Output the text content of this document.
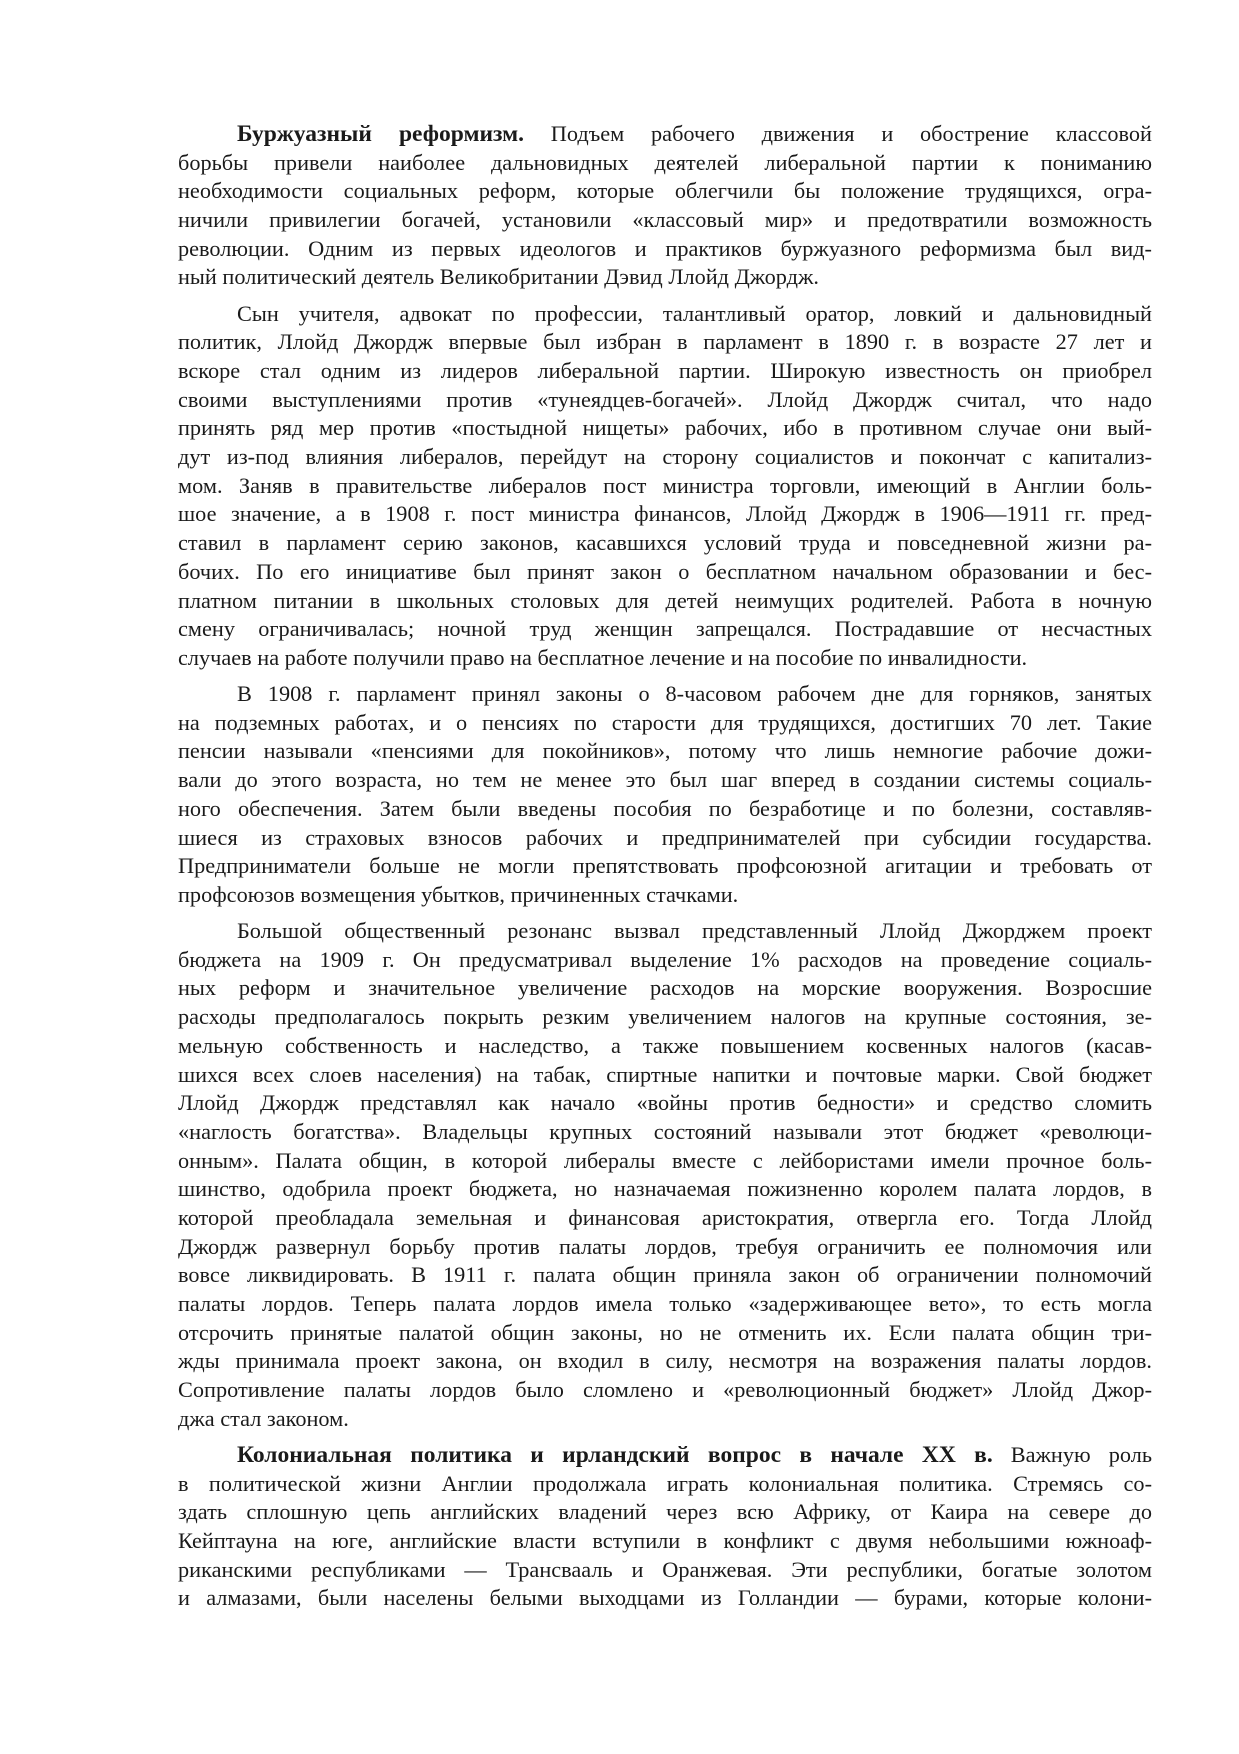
Буржуазный реформизм. Подъем рабочего движения и обострение классовой
борьбы привели наиболее дальновидных деятелей либеральной партии к пониманию
необходимости социальных реформ, которые облегчили бы положение трудящихся, огра-
ничили привилегии богачей, установили «классовый мир» и предотвратили возможность
революции. Одним из первых идеологов и практиков буржуазного реформизма был вид-
ный политический деятель Великобритании Дэвид Ллойд Джордж.
Сын учителя, адвокат по профессии, талантливый оратор, ловкий и дальновидный
политик, Ллойд Джордж впервые был избран в парламент в 1890 г. в возрасте 27 лет и
вскоре стал одним из лидеров либеральной партии. Широкую известность он приобрел
своими выступлениями против «тунеядцев-богачей». Ллойд Джордж считал, что надо
принять ряд мер против «постыдной нищеты» рабочих, ибо в противном случае они вый-
дут из-под влияния либералов, перейдут на сторону социалистов и покончат с капитализ-
мом. Заняв в правительстве либералов пост министра торговли, имеющий в Англии боль-
шое значение, а в 1908 г. пост министра финансов, Ллойд Джордж в 1906—1911 гг. пред-
ставил в парламент серию законов, касавшихся условий труда и повседневной жизни ра-
бочих. По его инициативе был принят закон о бесплатном начальном образовании и бес-
платном питании в школьных столовых для детей неимущих родителей. Работа в ночную
смену ограничивалась; ночной труд женщин запрещался. Пострадавшие от несчастных
случаев на работе получили право на бесплатное лечение и на пособие по инвалидности.
В 1908 г. парламент принял законы о 8-часовом рабочем дне для горняков, занятых
на подземных работах, и о пенсиях по старости для трудящихся, достигших 70 лет. Такие
пенсии называли «пенсиями для покойников», потому что лишь немногие рабочие дожи-
вали до этого возраста, но тем не менее это был шаг вперед в создании системы социаль-
ного обеспечения. Затем были введены пособия по безработице и по болезни, составляв-
шиеся из страховых взносов рабочих и предпринимателей при субсидии государства.
Предприниматели больше не могли препятствовать профсоюзной агитации и требовать от
профсоюзов возмещения убытков, причиненных стачками.
Большой общественный резонанс вызвал представленный Ллойд Джорджем проект
бюджета на 1909 г. Он предусматривал выделение 1% расходов на проведение социаль-
ных реформ и значительное увеличение расходов на морские вооружения. Возросшие
расходы предполагалось покрыть резким увеличением налогов на крупные состояния, зе-
мельную собственность и наследство, а также повышением косвенных налогов (касав-
шихся всех слоев населения) на табак, спиртные напитки и почтовые марки. Свой бюджет
Ллойд Джордж представлял как начало «войны против бедности» и средство сломить
«наглость богатства». Владельцы крупных состояний называли этот бюджет «революци-
онным». Палата общин, в которой либералы вместе с лейбористами имели прочное боль-
шинство, одобрила проект бюджета, но назначаемая пожизненно королем палата лордов, в
которой преобладала земельная и финансовая аристократия, отвергла его. Тогда Ллойд
Джордж развернул борьбу против палаты лордов, требуя ограничить ее полномочия или
вовсе ликвидировать. В 1911 г. палата общин приняла закон об ограничении полномочий
палаты лордов. Теперь палата лордов имела только «задерживающее вето», то есть могла
отсрочить принятые палатой общин законы, но не отменить их. Если палата общин три-
жды принимала проект закона, он входил в силу, несмотря на возражения палаты лордов.
Сопротивление палаты лордов было сломлено и «революционный бюджет» Ллойд Джор-
джа стал законом.
Колониальная политика и ирландский вопрос в начале XX в. Важную роль
в политической жизни Англии продолжала играть колониальная политика. Стремясь со-
здать сплошную цепь английских владений через всю Африку, от Каира на севере до
Кейптауна на юге, английские власти вступили в конфликт с двумя небольшими южноаф-
риканскими республиками — Трансвааль и Оранжевая. Эти республики, богатые золотом
и алмазами, были населены белыми выходцами из Голландии — бурами, которые колони-
